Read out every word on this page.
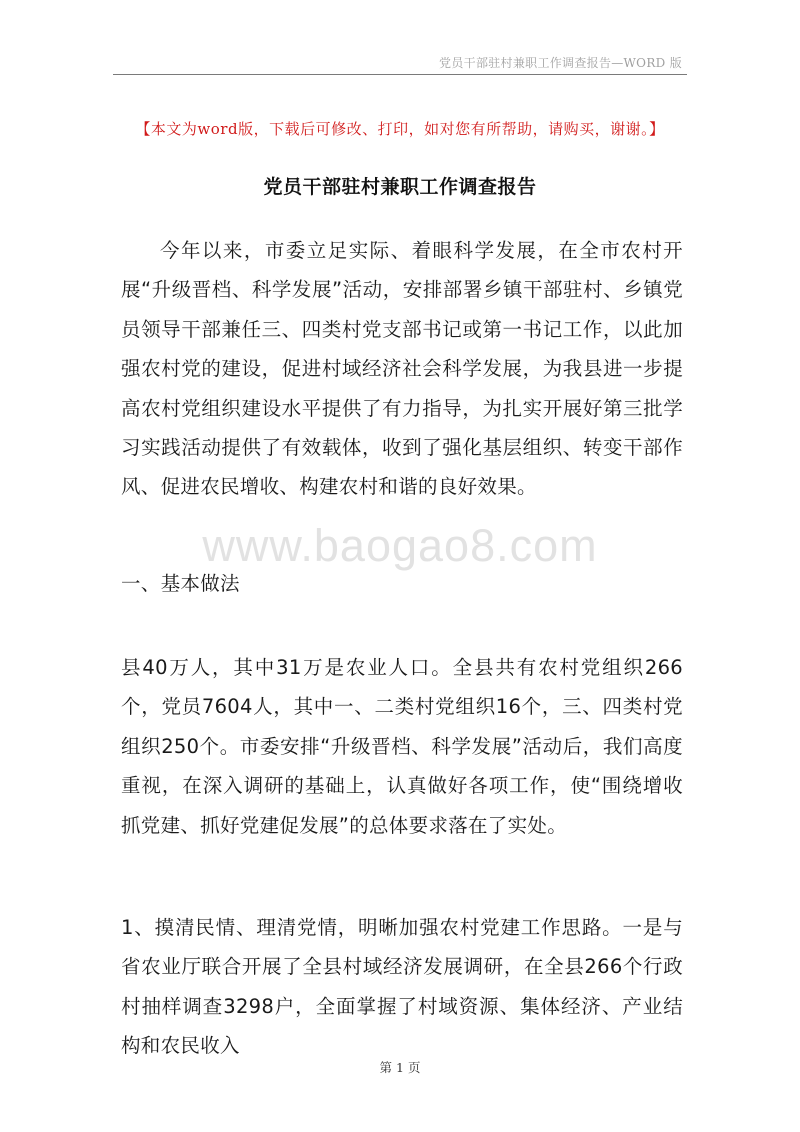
党员干部驻村兼职工作调查报告—WORD 版
【本文为word版，下载后可修改、打印，如对您有所帮助，请购买，谢谢。】
党员干部驻村兼职工作调查报告

今年以来，市委立足实际、着眼科学发展，在全市农村开展“升级晋档、科学发展”活动，安排部署乡镇干部驻村、乡镇党员领导干部兼任三、四类村党支部书记或第一书记工作，以此加强农村党的建设，促进村域经济社会科学发展，为我县进一步提高农村党组织建设水平提供了有力指导，为扎实开展好第三批学习实践活动提供了有效载体，收到了强化基层组织、转变干部作风、促进农民增收、构建农村和谐的良好效果。

www.baogao8.com

一、基本做法

县40万人，其中31万是农业人口。全县共有农村党组织266个，党员7604人，其中一、二类村党组织16个，三、四类村党组织250个。市委安排“升级晋档、科学发展”活动后，我们高度重视，在深入调研的基础上，认真做好各项工作，使“围绕增收抓党建、抓好党建促发展”的总体要求落在了实处。

1、摸清民情、理清党情，明晰加强农村党建工作思路。一是与省农业厅联合开展了全县村域经济发展调研，在全县266个行政村抽样调查3298户，全面掌握了村域资源、集体经济、产业结构和农民收入

第 1 页
